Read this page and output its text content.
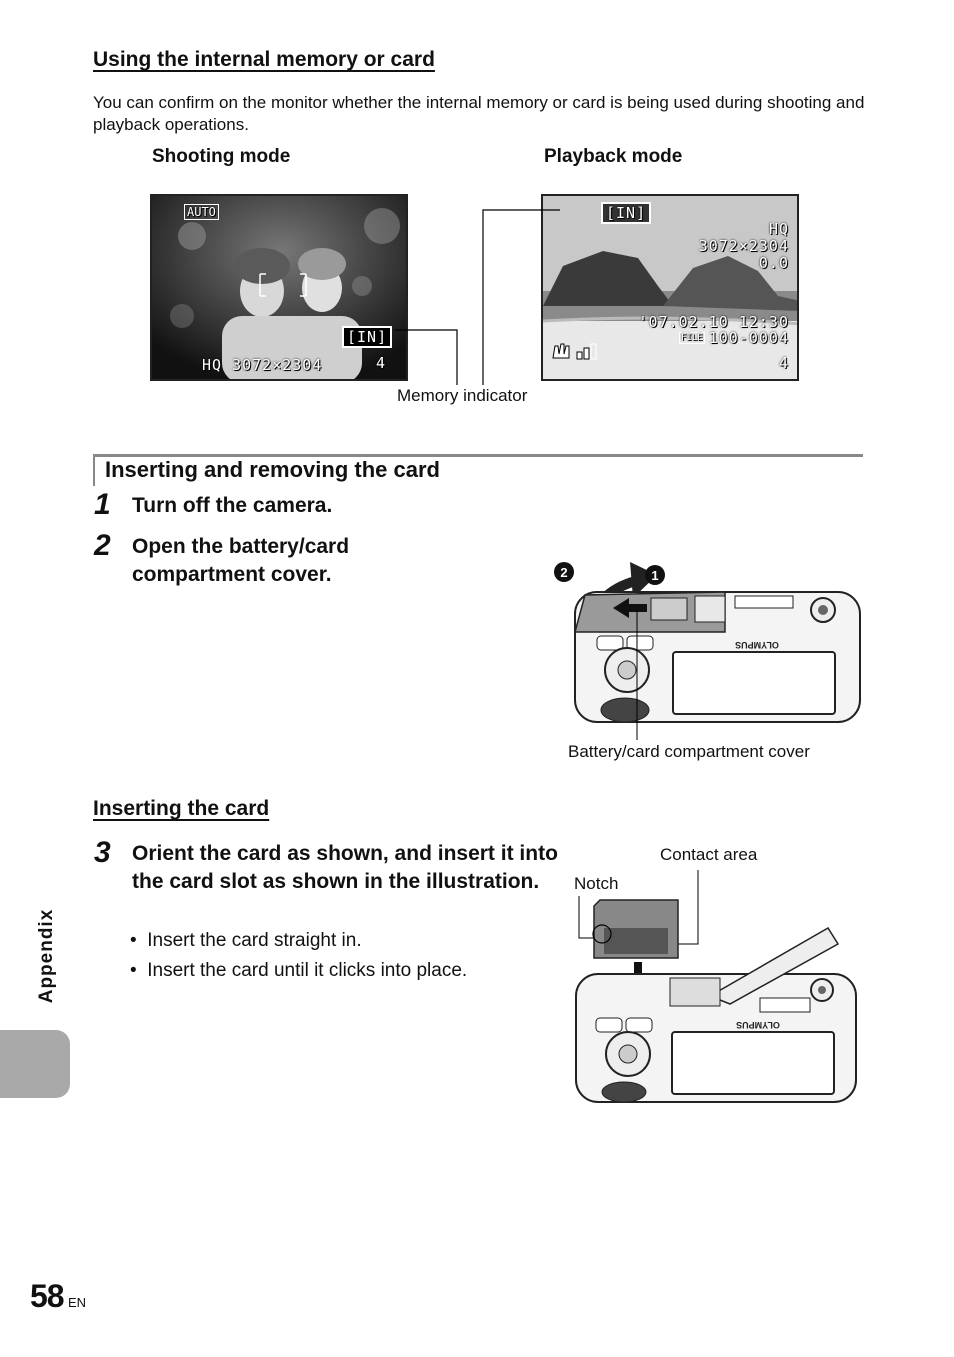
Using the internal memory or card
You can confirm on the monitor whether the internal memory or card is being used during shooting and playback operations.
Shooting mode	Playback mode
AUTO
[IN]
HQ 3072×2304	4
[IN]
HQ
3072×2304
0.0
'07.02.10 12:30
FILE 100-0004
4
Memory indicator
Inserting and removing the card
1 Turn off the camera.
2 Open the battery/card compartment cover.	2	1
OLYMPUS
Battery/card compartment cover
Inserting the card
3 Orient the card as shown, and insert it into the card slot as shown in the illustration.
•  Insert the card straight in.
•  Insert the card until it clicks into place.
Contact area
Notch
OLYMPUS
Appendix
58 EN
